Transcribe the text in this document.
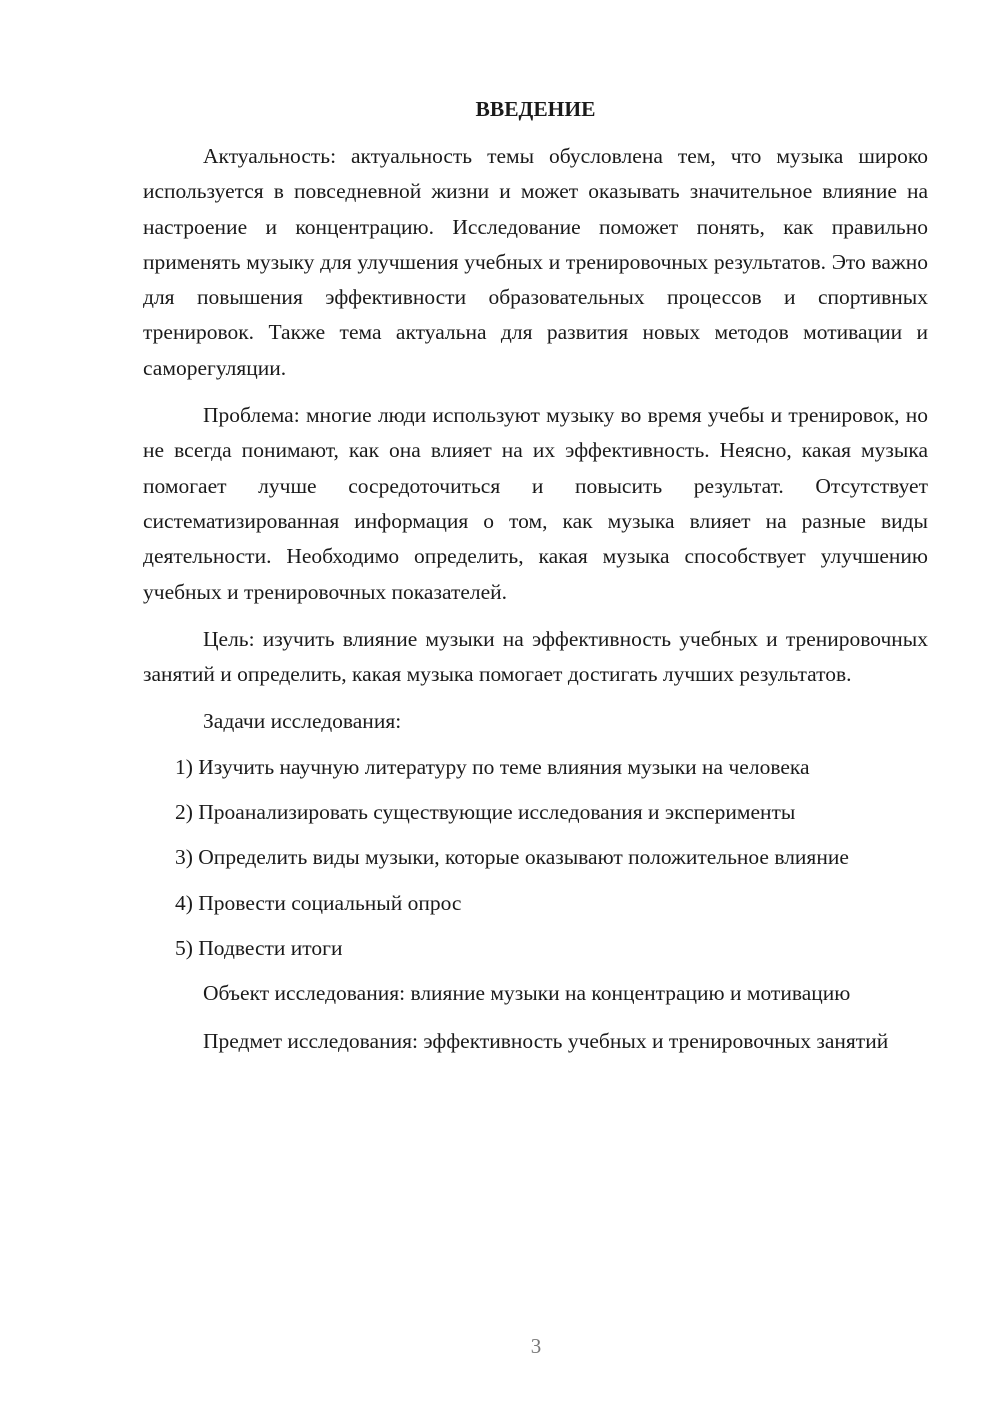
ВВЕДЕНИЕ

Актуальность: актуальность темы обусловлена тем, что музыка широко используется в повседневной жизни и может оказывать значительное влияние на настроение и концентрацию. Исследование поможет понять, как правильно применять музыку для улучшения учебных и тренировочных результатов. Это важно для повышения эффективности образовательных процессов и спортивных тренировок. Также тема актуальна для развития новых методов мотивации и саморегуляции.

Проблема: многие люди используют музыку во время учебы и тренировок, но не всегда понимают, как она влияет на их эффективность. Неясно, какая музыка помогает лучше сосредоточиться и повысить результат. Отсутствует систематизированная информация о том, как музыка влияет на разные виды деятельности. Необходимо определить, какая музыка способствует улучшению учебных и тренировочных показателей.

Цель: изучить влияние музыки на эффективность учебных и тренировочных занятий и определить, какая музыка помогает достигать лучших результатов.

Задачи исследования:

1) Изучить научную литературу по теме влияния музыки на человека

2) Проанализировать существующие исследования и эксперименты

3) Определить виды музыки, которые оказывают положительное влияние

4) Провести социальный опрос

5) Подвести итоги

Объект исследования: влияние музыки на концентрацию и мотивацию

Предмет исследования: эффективность учебных и тренировочных занятий

3
